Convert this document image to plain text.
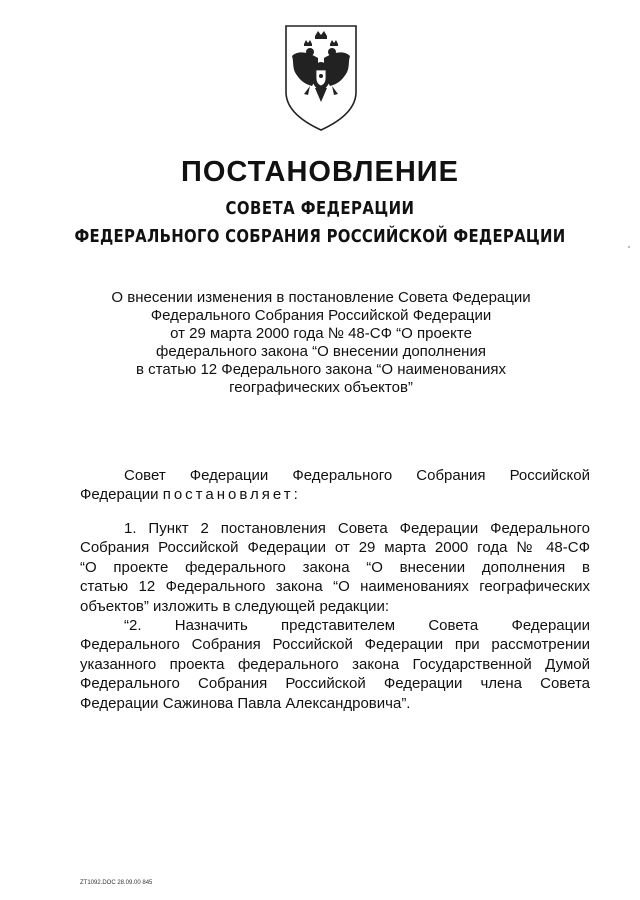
ПОСТАНОВЛЕНИЕ
СОВЕТА ФЕДЕРАЦИИ
ФЕДЕРАЛЬНОГО СОБРАНИЯ РОССИЙСКОЙ ФЕДЕРАЦИИ
О внесении изменения в постановление Совета Федерации
Федерального Собрания Российской Федерации
от 29 марта 2000 года № 48-СФ “О проекте
федерального закона “О внесении дополнения
в статью 12 Федерального закона “О наименованиях
географических объектов”
Совет Федерации Федерального Собрания Российской
Федерации постановляет:
1. Пункт 2 постановления Совета Федерации Федерального
Собрания Российской Федерации от 29 марта 2000 года № 48-СФ
“О проекте федерального закона “О внесении дополнения в
статью 12 Федерального закона “О наименованиях географических
объектов” изложить в следующей редакции:
“2. Назначить представителем Совета Федерации
Федерального Собрания Российской Федерации при рассмотрении
указанного проекта федерального закона Государственной Думой
Федерального Собрания Российской Федерации члена Совета
Федерации Сажинова Павла Александровича”.
ZT1092.DOC 28.09.00 845
